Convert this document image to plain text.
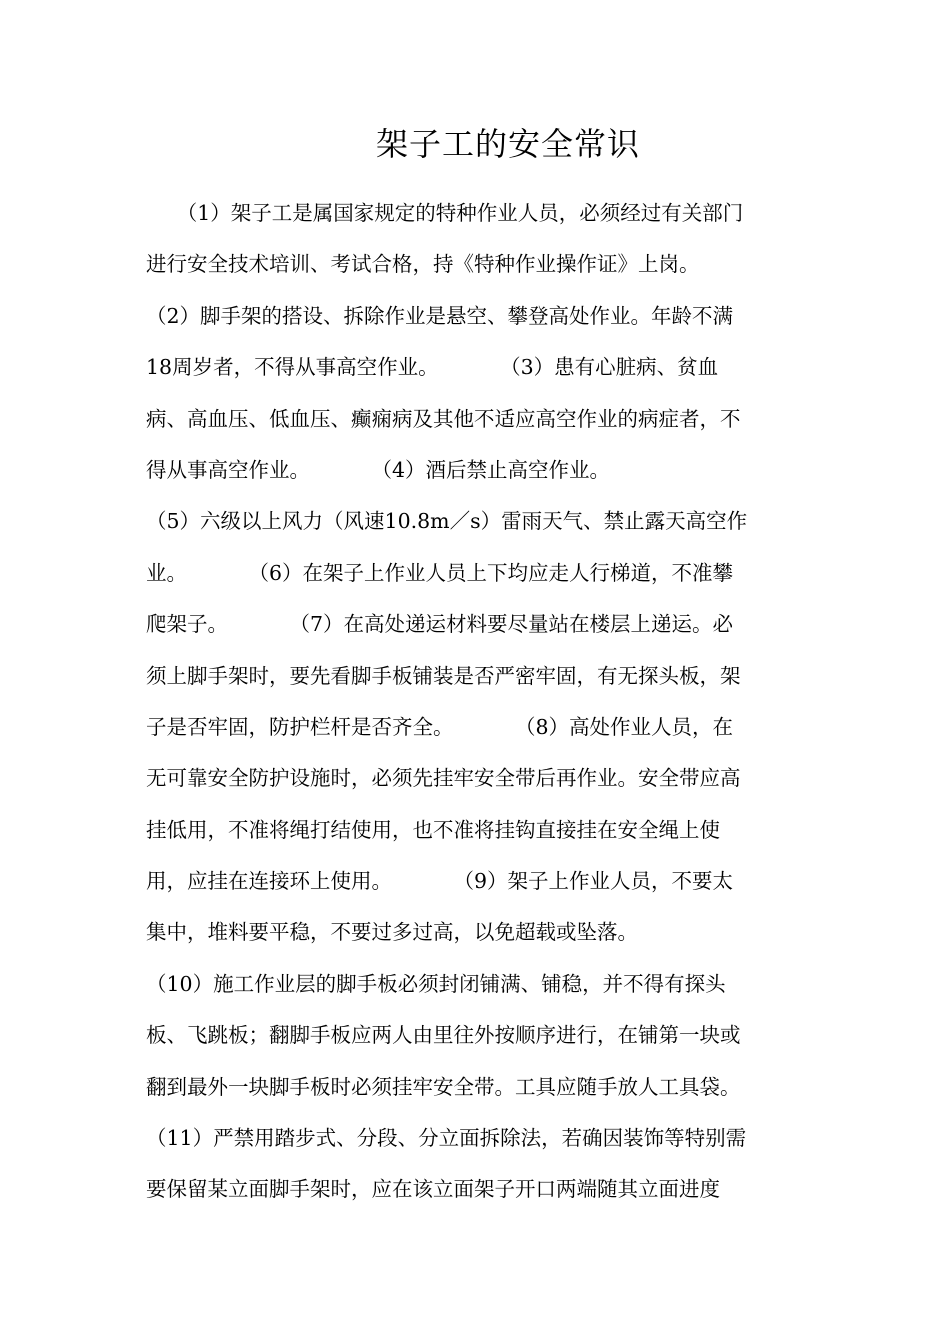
架子工的安全常识
　　（1）架子工是属国家规定的特种作业人员，必须经过有关部门
进行安全技术培训、考试合格，持《特种作业操作证》上岗。
（2）脚手架的搭设、拆除作业是悬空、攀登高处作业。年龄不满
18周岁者，不得从事高空作业。　　　　（3）患有心脏病、贫血
病、高血压、低血压、癫痫病及其他不适应高空作业的病症者，不
得从事高空作业。　　　　（4）酒后禁止高空作业。
（5）六级以上风力（风速10.8m／s）雷雨天气、禁止露天高空作
业。　　　　（6）在架子上作业人员上下均应走人行梯道，不准攀
爬架子。　　　　（7）在高处递运材料要尽量站在楼层上递运。必
须上脚手架时，要先看脚手板铺装是否严密牢固，有无探头板，架
子是否牢固，防护栏杆是否齐全。　　　　（8）高处作业人员，在
无可靠安全防护设施时，必须先挂牢安全带后再作业。安全带应高
挂低用，不准将绳打结使用，也不准将挂钩直接挂在安全绳上使
用，应挂在连接环上使用。　　　　（9）架子上作业人员，不要太
集中，堆料要平稳，不要过多过高，以免超载或坠落。
（10）施工作业层的脚手板必须封闭铺满、铺稳，并不得有探头
板、飞跳板；翻脚手板应两人由里往外按顺序进行，在铺第一块或
翻到最外一块脚手板时必须挂牢安全带。工具应随手放人工具袋。
（11）严禁用踏步式、分段、分立面拆除法，若确因装饰等特别需
要保留某立面脚手架时，应在该立面架子开口两端随其立面进度
